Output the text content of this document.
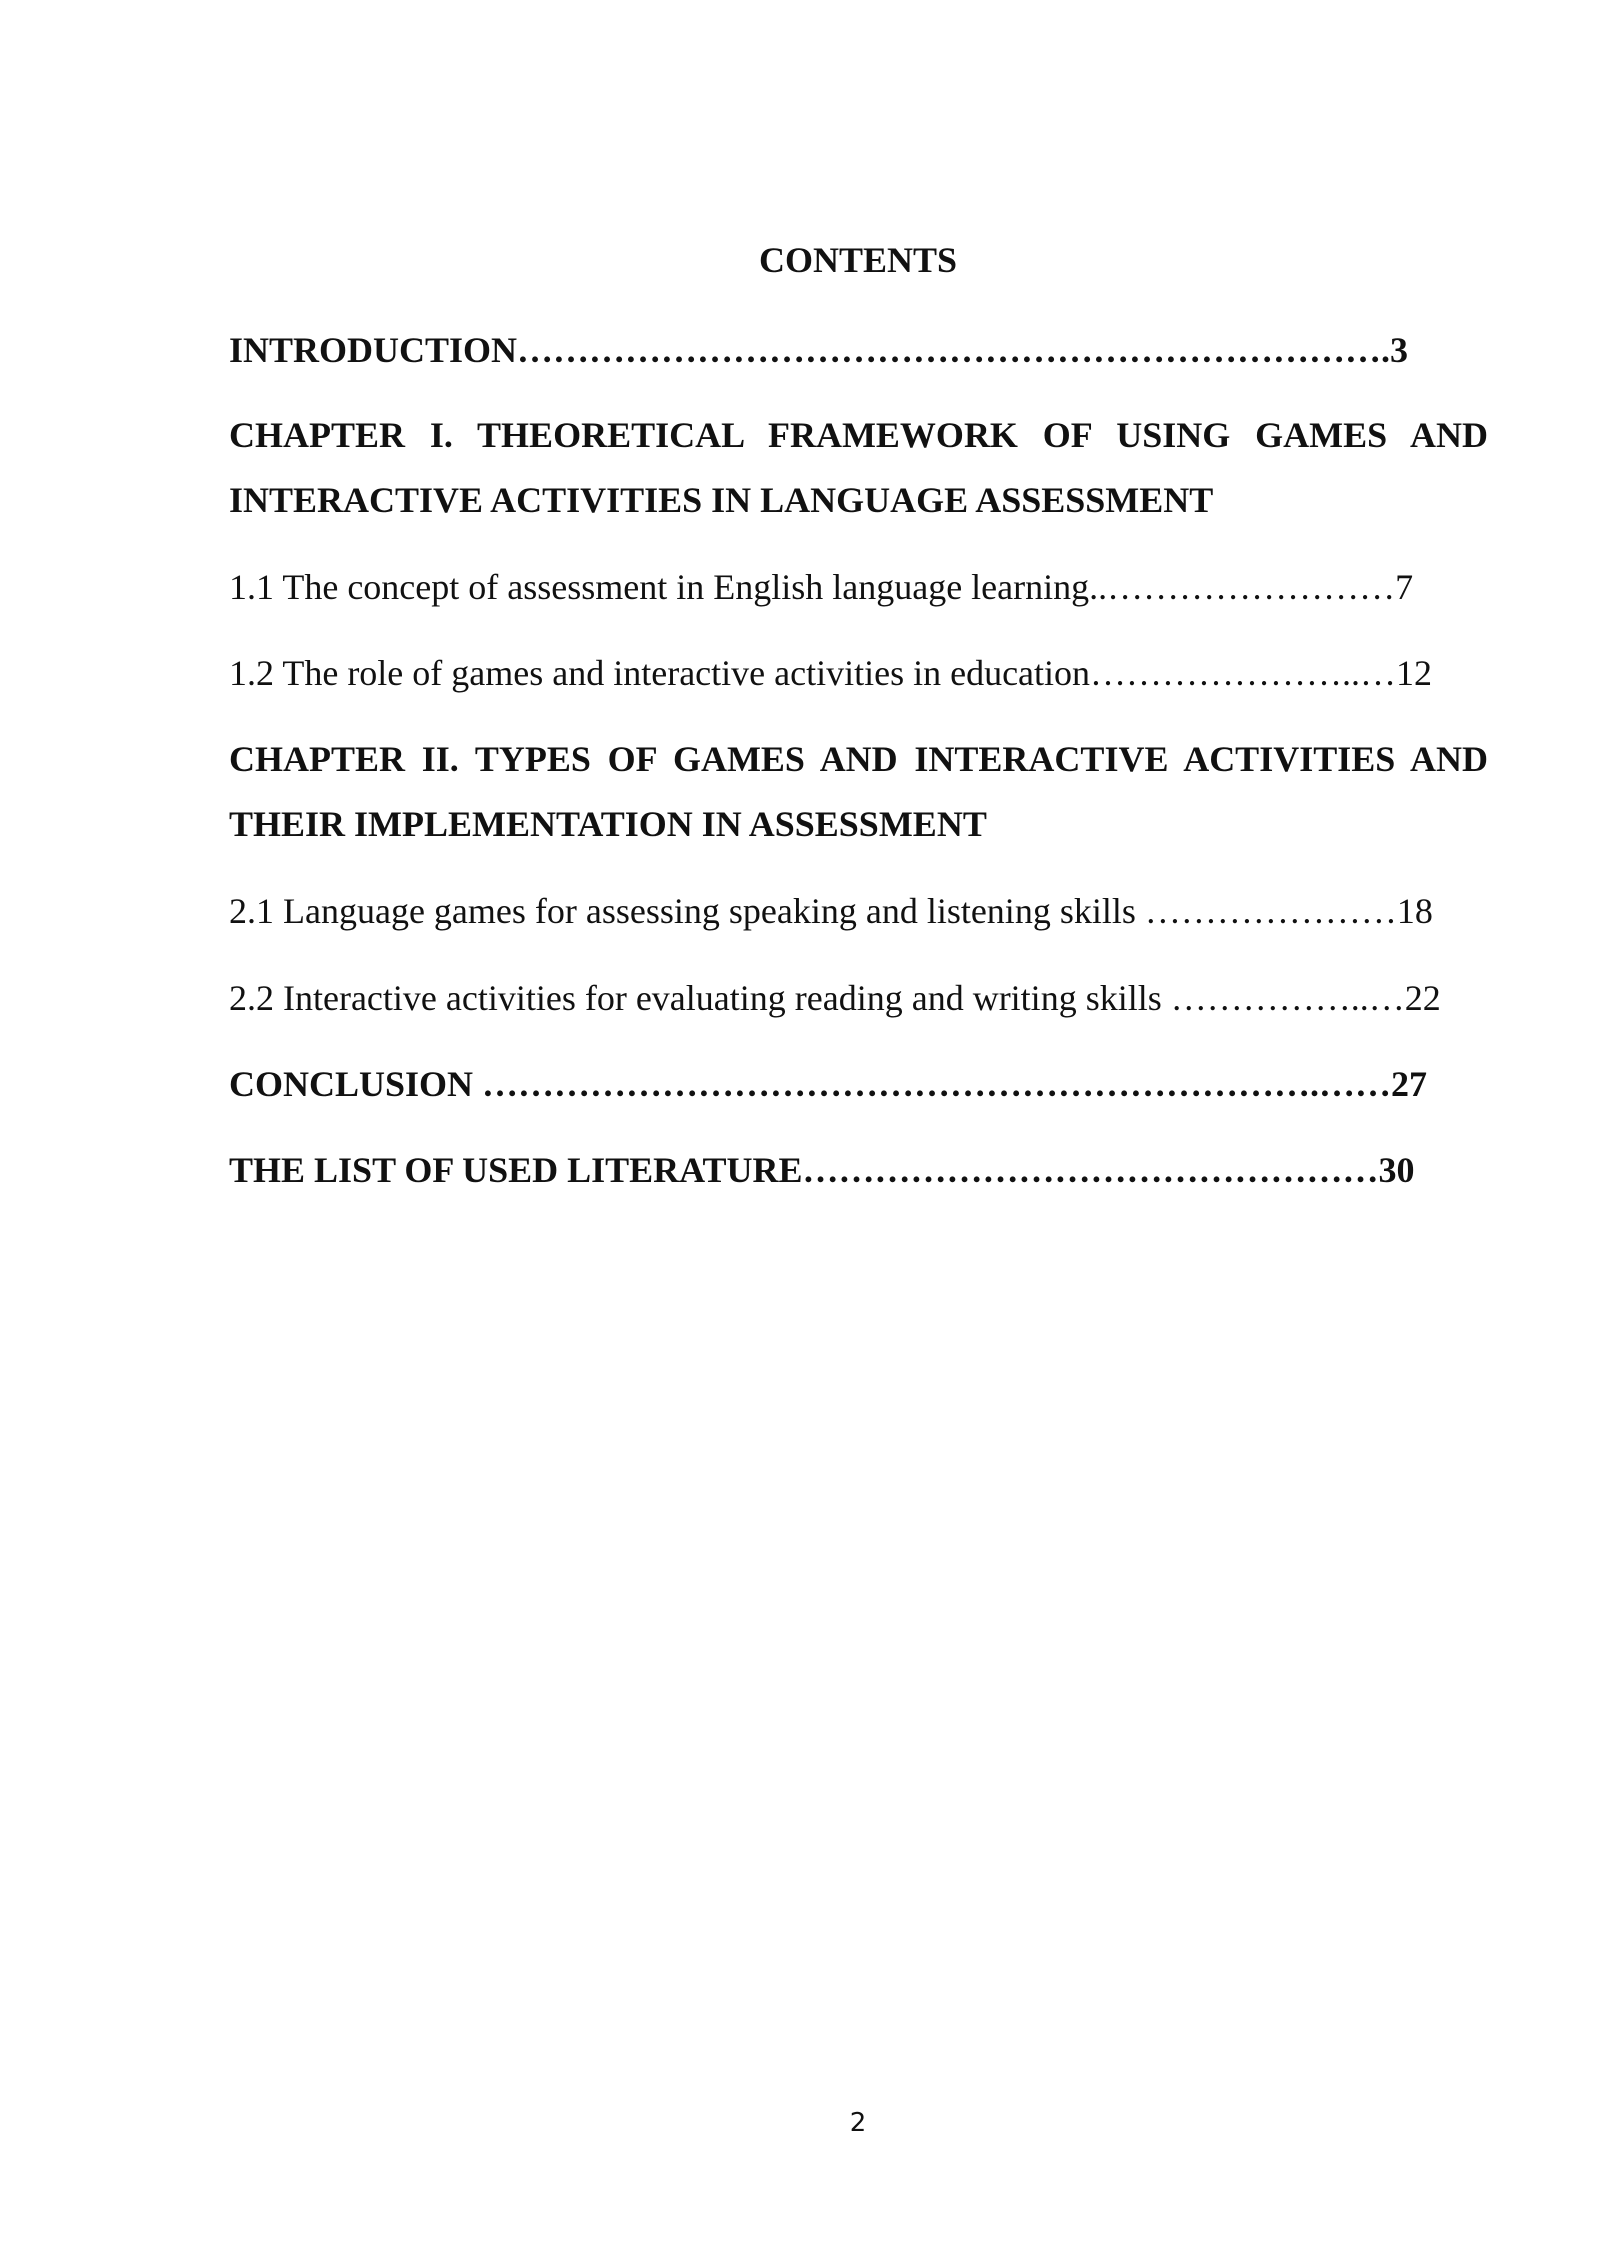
CONTENTS
INTRODUCTION……………………………………………………………….3
CHAPTER I. THEORETICAL FRAMEWORK OF USING GAMES AND
INTERACTIVE ACTIVITIES IN LANGUAGE ASSESSMENT
1.1 The concept of assessment in English language learning..……………………7
1.2 The role of games and interactive activities in education…………………..…12
CHAPTER II. TYPES OF GAMES AND INTERACTIVE ACTIVITIES AND
THEIR IMPLEMENTATION IN ASSESSMENT
2.1 Language games for assessing speaking and listening skills …………………18
2.2 Interactive activities for evaluating reading and writing skills ……………..…22
CONCLUSION …………………………………………………………….……27
THE LIST OF USED LITERATURE…………………………………………30
2
